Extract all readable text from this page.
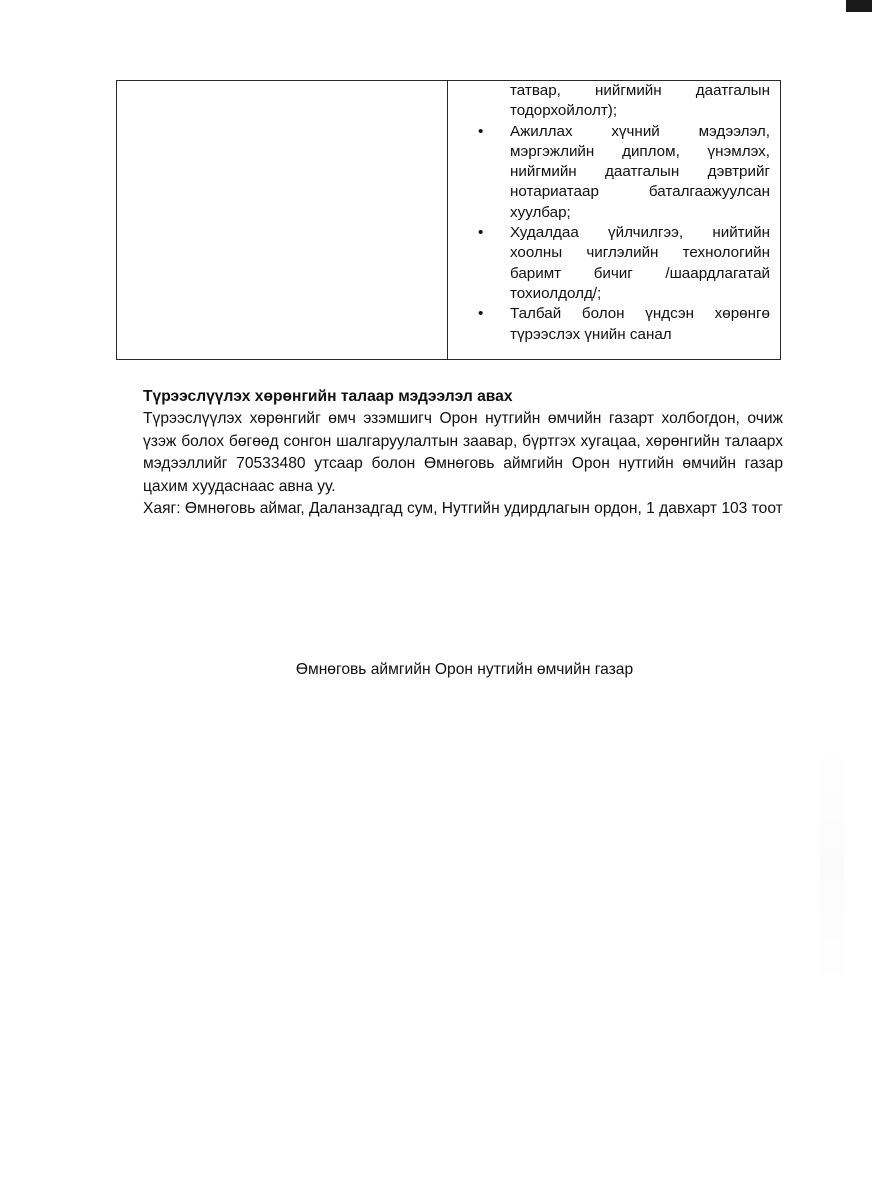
татвар, нийгмийн даатгалын

тодорхойлолт);

•	Ажиллах хүчний мэдээлэл, мэргэжлийн диплом, үнэмлэх, нийгмийн даатгалын дэвтрийг нотариатаар баталгаажуулсан хуулбар;
•	Худалдаа үйлчилгээ, нийтийн хоолны чиглэлийн технологийн баримт бичиг /шаардлагатай тохиолдолд/;
•	Талбай болон үндсэн хөрөнгө түрээслэх үнийн санал
Түрээслүүлэх хөрөнгийн талаар мэдээлэл авах

Түрээслүүлэх хөрөнгийг өмч эзэмшигч Орон нутгийн өмчийн газарт холбогдон, очиж үзэж болох бөгөөд сонгон шалгаруулалтын заавар, бүртгэх хугацаа, хөрөнгийн талаарх мэдээллийг 70533480 утсаар болон Өмнөговь аймгийн Орон нутгийн өмчийн газар цахим хуудаснаас авна уу.

Хаяг: Өмнөговь аймаг, Даланзадгад сум, Нутгийн удирдлагын ордон, 1 давхарт 103 тоот

Өмнөговь аймгийн Орон нутгийн өмчийн газар
